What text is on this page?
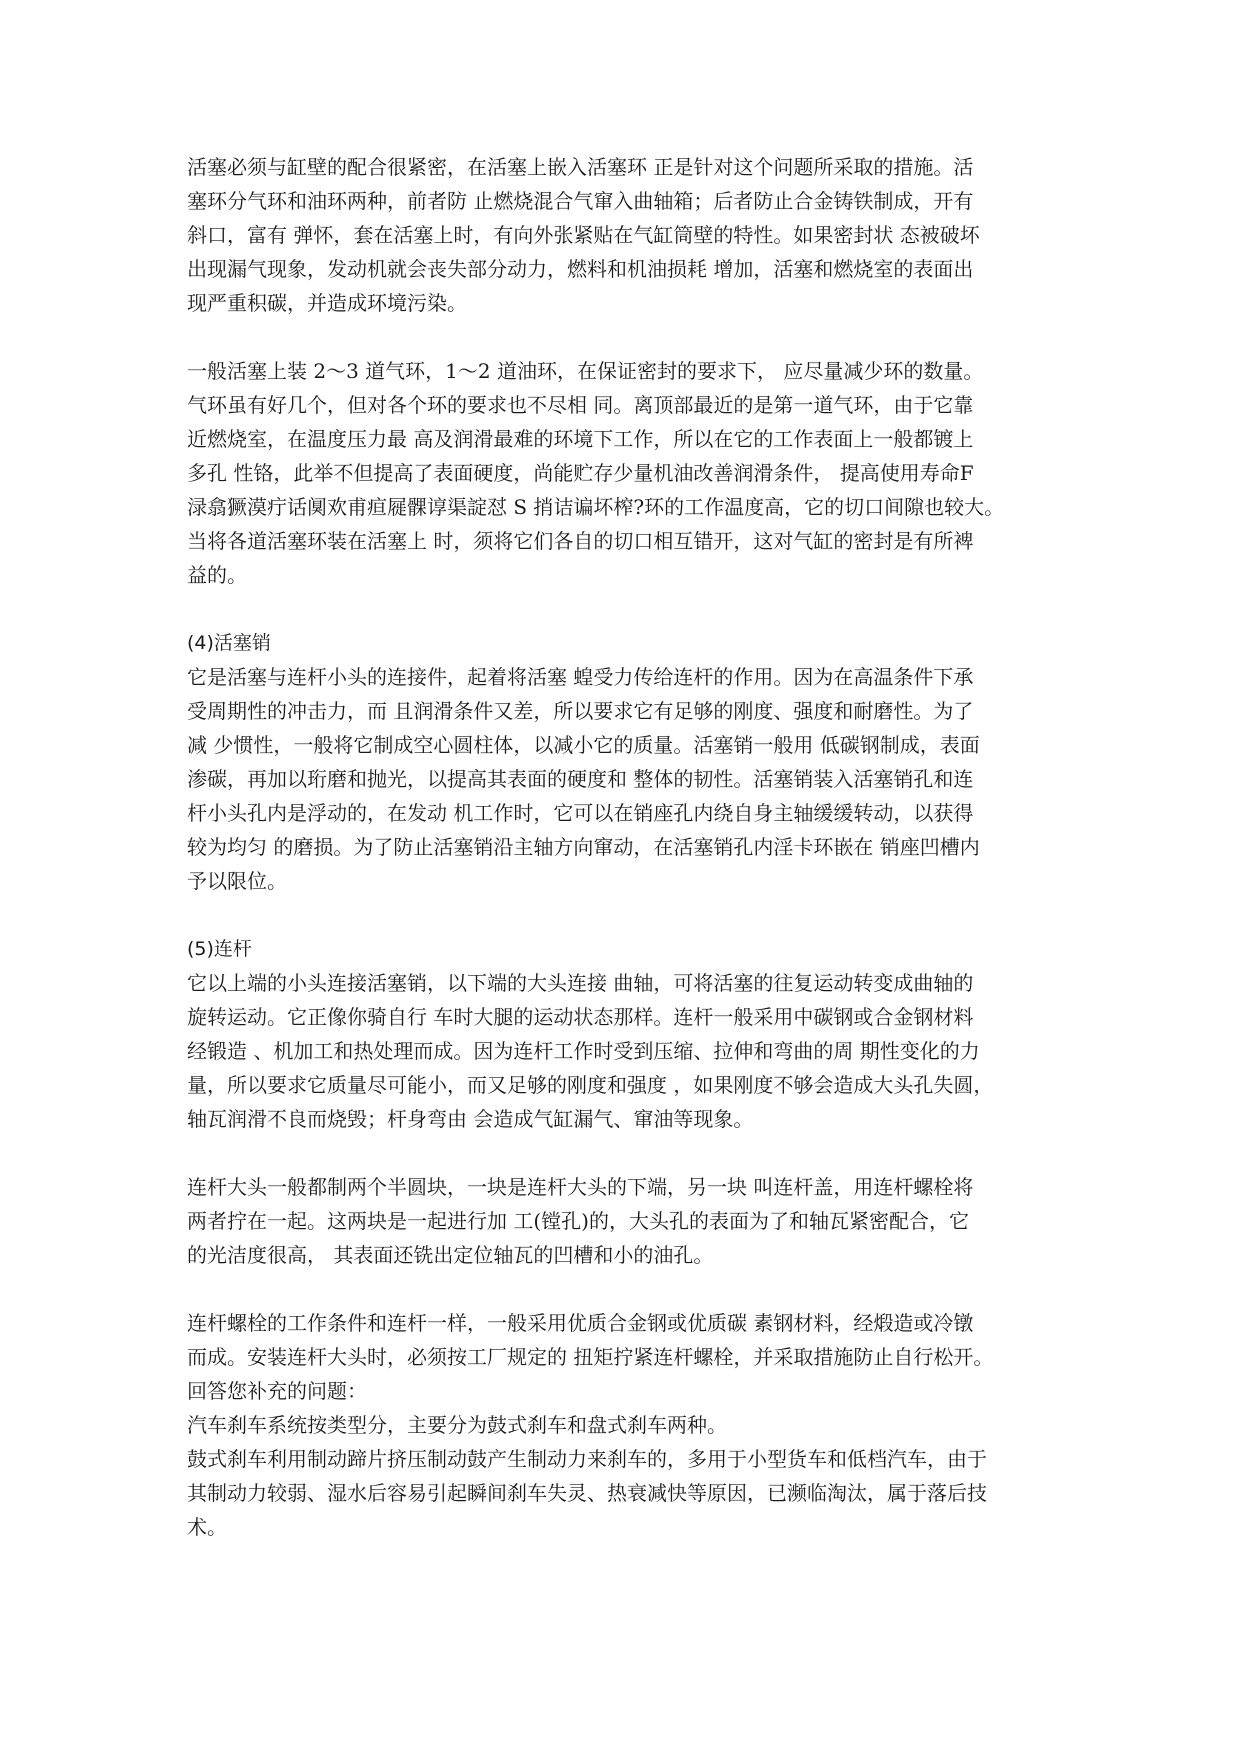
活塞必须与缸壁的配合很紧密，在活塞上嵌入活塞环 正是针对这个问题所采取的措施。活
塞环分气环和油环两种，前者防 止燃烧混合气窜入曲轴箱；后者防止合金铸铁制成，开有
斜口，富有 弹怀，套在活塞上时，有向外张紧贴在气缸筒壁的特性。如果密封状 态被破坏
出现漏气现象，发动机就会丧失部分动力，燃料和机油损耗 增加，活塞和燃烧室的表面出
现严重积碳，并造成环境污染。
一般活塞上装 2～3 道气环，1～2 道油环，在保证密封的要求下， 应尽量减少环的数量。
气环虽有好几个，但对各个环的要求也不尽相 同。离顶部最近的是第一道气环，由于它靠
近燃烧室，在温度压力最 高及润滑最难的环境下工作，所以在它的工作表面上一般都镀上
多孔 性铬，此举不但提高了表面硬度，尚能贮存少量机油改善润滑条件， 提高使用寿命F
渌翕獗漠疔话阒欢甫疸屣髁谆渠諚怼 S 捎诘谝坏榨?环的工作温度高，它的切口间隙也较大。
当将各道活塞环装在活塞上 时，须将它们各自的切口相互错开，这对气缸的密封是有所裨
益的。
(4)活塞销
它是活塞与连杆小头的连接件，起着将活塞 蝗受力传给连杆的作用。因为在高温条件下承
受周期性的冲击力，而 且润滑条件又差，所以要求它有足够的刚度、强度和耐磨性。为了
减 少惯性，一般将它制成空心圆柱体，以减小它的质量。活塞销一般用 低碳钢制成，表面
渗碳，再加以珩磨和抛光，以提高其表面的硬度和 整体的韧性。活塞销装入活塞销孔和连
杆小头孔内是浮动的，在发动 机工作时，它可以在销座孔内绕自身主轴缓缓转动，以获得
较为均匀 的磨损。为了防止活塞销沿主轴方向窜动，在活塞销孔内淫卡环嵌在 销座凹槽内
予以限位。
(5)连杆
它以上端的小头连接活塞销，以下端的大头连接 曲轴，可将活塞的往复运动转变成曲轴的
旋转运动。它正像你骑自行 车时大腿的运动状态那样。连杆一般采用中碳钢或合金钢材料
经锻造 、机加工和热处理而成。因为连杆工作时受到压缩、拉伸和弯曲的周 期性变化的力
量，所以要求它质量尽可能小，而又足够的刚度和强度 ，如果刚度不够会造成大头孔失圆，
轴瓦润滑不良而烧毁；杆身弯由 会造成气缸漏气、窜油等现象。
连杆大头一般都制两个半圆块，一块是连杆大头的下端，另一块 叫连杆盖，用连杆螺栓将
两者拧在一起。这两块是一起进行加 工(镗孔)的，大头孔的表面为了和轴瓦紧密配合，它
的光洁度很高， 其表面还铣出定位轴瓦的凹槽和小的油孔。
连杆螺栓的工作条件和连杆一样，一般采用优质合金钢或优质碳 素钢材料，经煅造或冷镦
而成。安装连杆大头时，必须按工厂规定的 扭矩拧紧连杆螺栓，并采取措施防止自行松开。
回答您补充的问题：
汽车刹车系统按类型分，主要分为鼓式刹车和盘式刹车两种。
鼓式刹车利用制动蹄片挤压制动鼓产生制动力来刹车的，多用于小型货车和低档汽车，由于
其制动力较弱、湿水后容易引起瞬间刹车失灵、热衰减快等原因，已濒临淘汰，属于落后技
术。
